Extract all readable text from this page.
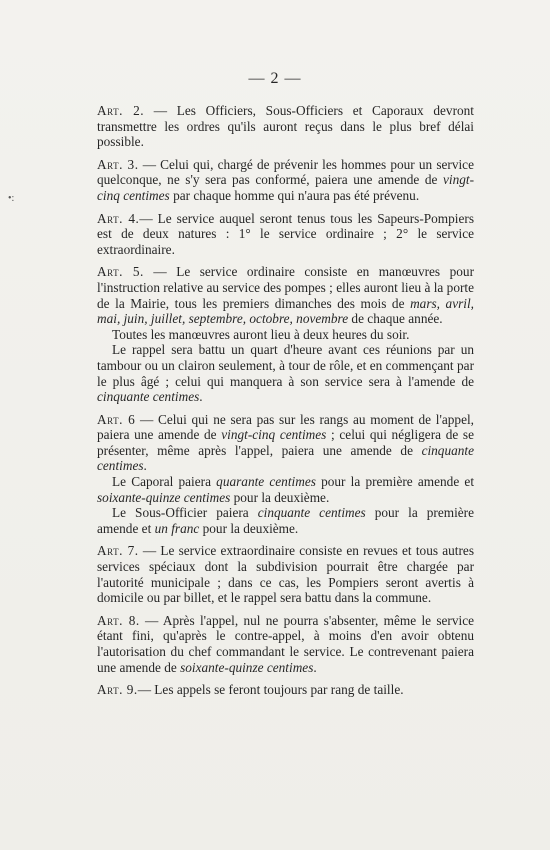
•:
— 2 —

Art. 2. — Les Officiers, Sous-Officiers et Caporaux devront transmettre les ordres qu'ils auront reçus dans le plus bref délai possible.

Art. 3. — Celui qui, chargé de prévenir les hommes pour un service quelconque, ne s'y sera pas conformé, paiera une amende de vingt-cinq centimes par chaque homme qui n'aura pas été prévenu.

Art. 4.— Le service auquel seront tenus tous les Sapeurs-Pompiers est de deux natures : 1° le service ordinaire ; 2° le service extraordinaire.

Art. 5. — Le service ordinaire consiste en manœuvres pour l'instruction relative au service des pompes ; elles auront lieu à la porte de la Mairie, tous les premiers dimanches des mois de mars, avril, mai, juin, juillet, septembre, octobre, novembre de chaque année.

Toutes les manœuvres auront lieu à deux heures du soir.

Le rappel sera battu un quart d'heure avant ces réunions par un tambour ou un clairon seulement, à tour de rôle, et en commençant par le plus âgé ; celui qui manquera à son service sera à l'amende de cinquante centimes.

Art. 6 — Celui qui ne sera pas sur les rangs au moment de l'appel, paiera une amende de vingt-cinq centimes ; celui qui négligera de se présenter, même après l'appel, paiera une amende de cinquante centimes.

Le Caporal paiera quarante centimes pour la première amende et soixante-quinze centimes pour la deuxième.

Le Sous-Officier paiera cinquante centimes pour la première amende et un franc pour la deuxième.

Art. 7. — Le service extraordinaire consiste en revues et tous autres services spéciaux dont la subdivision pourrait être chargée par l'autorité municipale ; dans ce cas, les Pompiers seront avertis à domicile ou par billet, et le rappel sera battu dans la commune.

Art. 8. — Après l'appel, nul ne pourra s'absenter, même le service étant fini, qu'après le contre-appel, à moins d'en avoir obtenu l'autorisation du chef commandant le service. Le contrevenant paiera une amende de soixante-quinze centimes.

Art. 9.— Les appels se feront toujours par rang de taille.
